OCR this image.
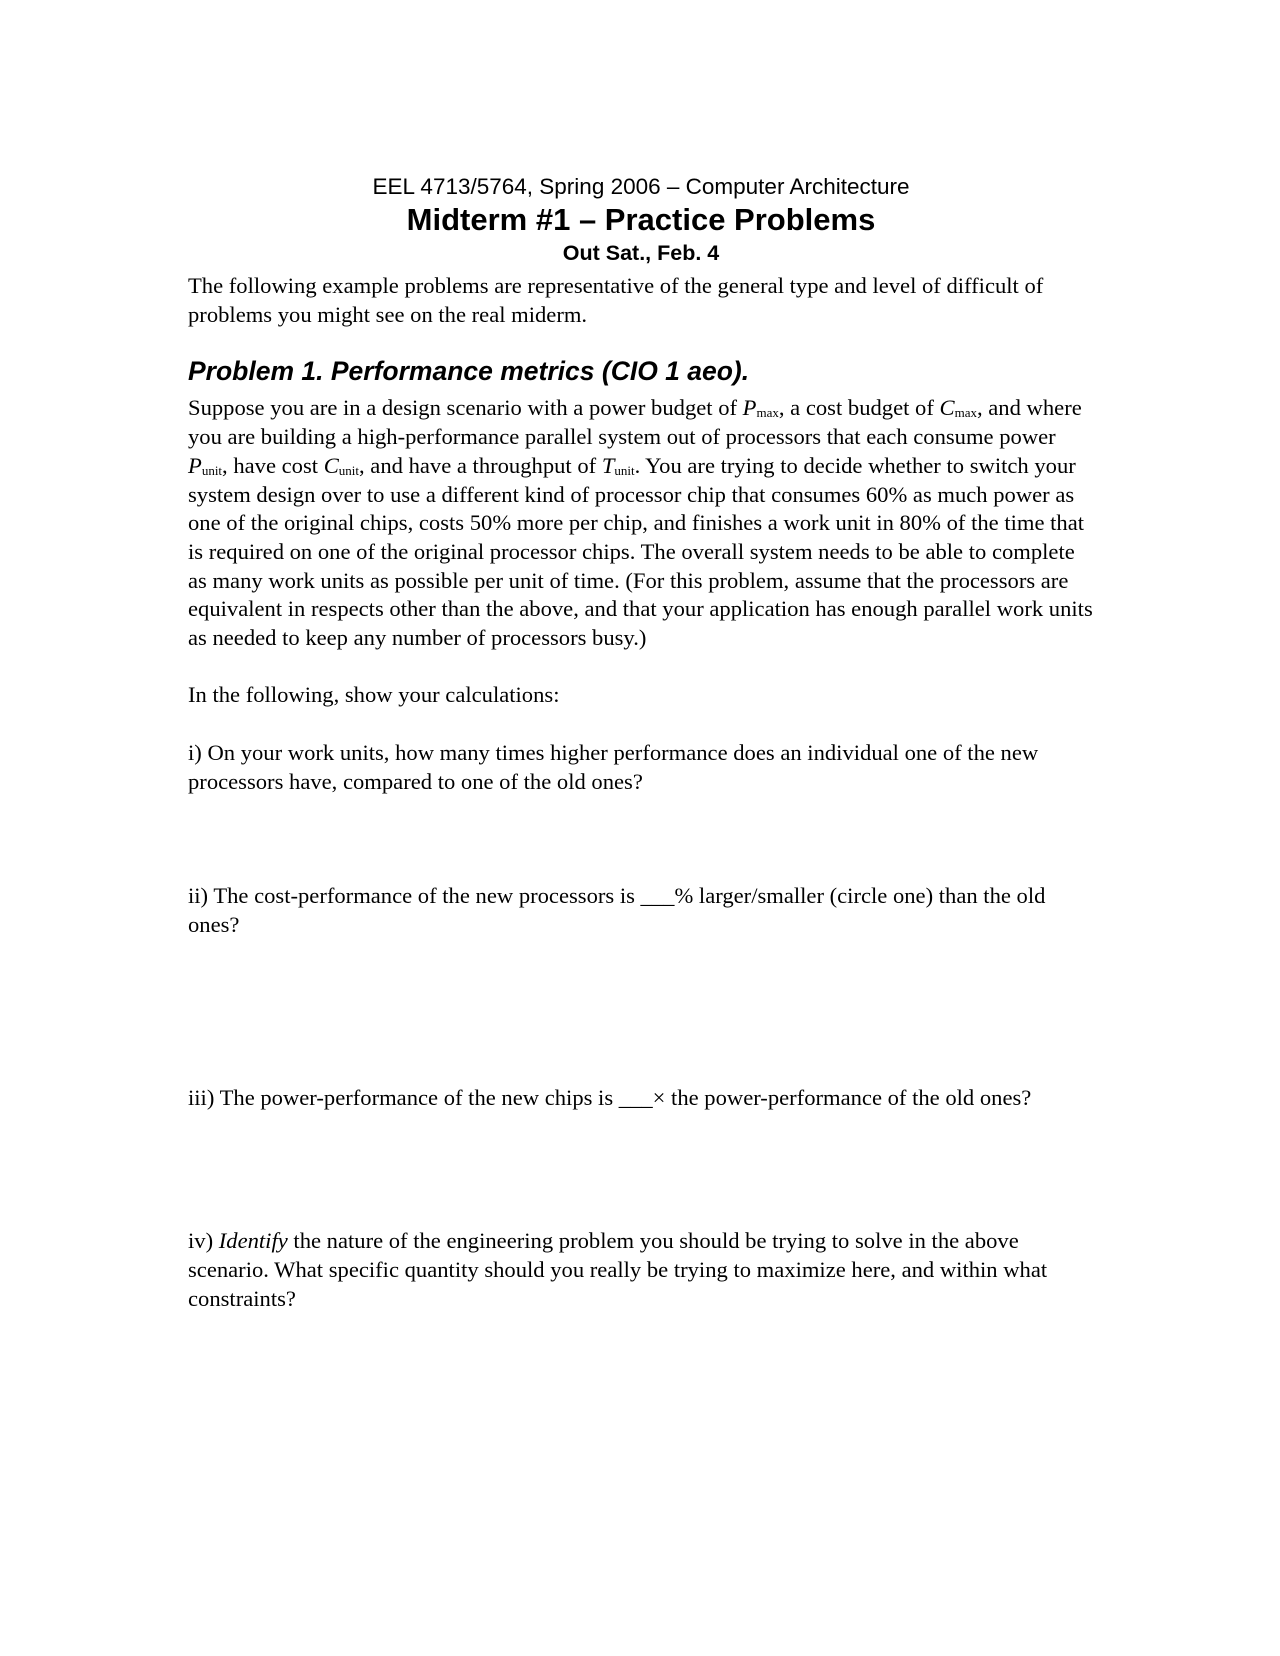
EEL 4713/5764, Spring 2006 – Computer Architecture
Midterm #1 – Practice Problems
Out Sat., Feb. 4

The following example problems are representative of the general type and level of difficult of problems you might see on the real miderm.

Problem 1. Performance metrics (CIO 1 aeo).

Suppose you are in a design scenario with a power budget of $P_{max}$, a cost budget of $C_{max}$, and where you are building a high-performance parallel system out of processors that each consume power $P_{unit}$, have cost $C_{unit}$, and have a throughput of $T_{unit}$. You are trying to decide whether to switch your system design over to use a different kind of processor chip that consumes 60% as much power as one of the original chips, costs 50% more per chip, and finishes a work unit in 80% of the time that is required on one of the original processor chips. The overall system needs to be able to complete as many work units as possible per unit of time. (For this problem, assume that the processors are equivalent in respects other than the above, and that your application has enough parallel work units as needed to keep any number of processors busy.)

In the following, show your calculations:

i) On your work units, how many times higher performance does an individual one of the new processors have, compared to one of the old ones?

ii) The cost-performance of the new processors is ___% larger/smaller (circle one) than the old ones?

iii) The power-performance of the new chips is ___× the power-performance of the old ones?

iv) Identify the nature of the engineering problem you should be trying to solve in the above scenario. What specific quantity should you really be trying to maximize here, and within what constraints?
